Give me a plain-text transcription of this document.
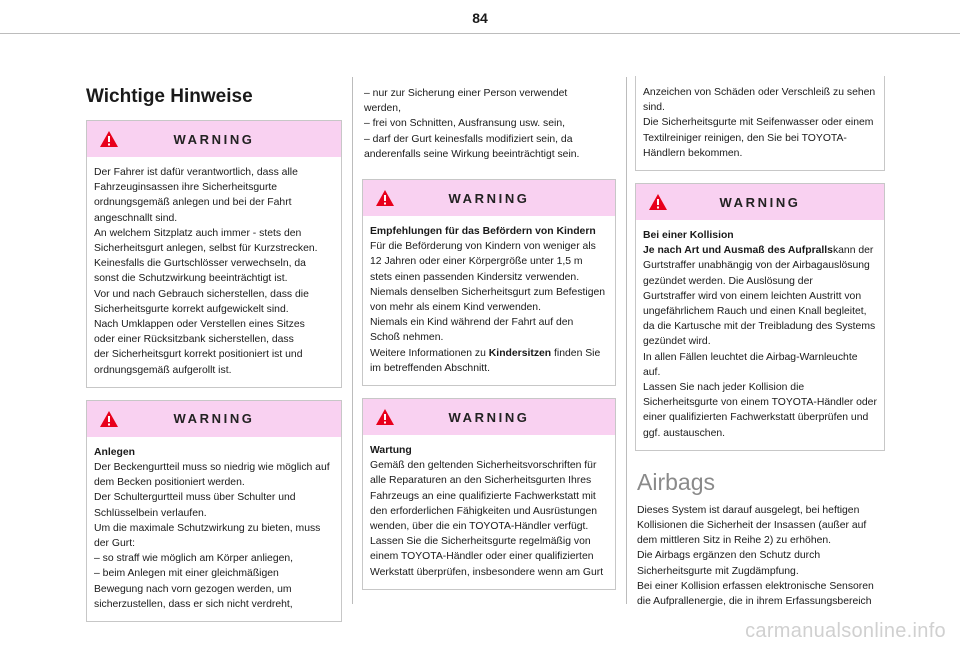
84
Wichtige Hinweise
WARNING

Der Fahrer ist dafür verantwortlich, dass alle

Fahrzeuginsassen ihre Sicherheitsgurte

ordnungsgemäß anlegen und bei der Fahrt

angeschnallt sind.

An welchem Sitzplatz auch immer - stets den

Sicherheitsgurt anlegen, selbst für Kurzstrecken.

Keinesfalls die Gurtschlösser verwechseln, da

sonst die Schutzwirkung beeinträchtigt ist.

Vor und nach Gebrauch sicherstellen, dass die

Sicherheitsgurte korrekt aufgewickelt sind.

Nach Umklappen oder Verstellen eines Sitzes

oder einer Rücksitzbank sicherstellen, dass

der Sicherheitsgurt korrekt positioniert ist und

ordnungsgemäß aufgerollt ist.

WARNING

Anlegen

Der Beckengurtteil muss so niedrig wie möglich auf

dem Becken positioniert werden.

Der Schultergurtteil muss über Schulter und

Schlüsselbein verlaufen.

Um die maximale Schutzwirkung zu bieten, muss

der Gurt:

– so straff wie möglich am Körper anliegen,

– beim Anlegen mit einer gleichmäßigen

Bewegung nach vorn gezogen werden, um

sicherzustellen, dass er sich nicht verdreht,

– nur zur Sicherung einer Person verwendet

werden,

– frei von Schnitten, Ausfransung usw. sein,

– darf der Gurt keinesfalls modifiziert sein, da

anderenfalls seine Wirkung beeinträchtigt sein.

WARNING

Empfehlungen für das Befördern von Kindern

Für die Beförderung von Kindern von weniger als

12 Jahren oder einer Körpergröße unter 1,5 m

stets einen passenden Kindersitz verwenden.

Niemals denselben Sicherheitsgurt zum Befestigen

von mehr als einem Kind verwenden.

Niemals ein Kind während der Fahrt auf den

Schoß nehmen.

Weitere Informationen zu Kindersitzen finden Sie

im betreffenden Abschnitt.

WARNING

Wartung

Gemäß den geltenden Sicherheitsvorschriften für

alle Reparaturen an den Sicherheitsgurten Ihres

Fahrzeugs an eine qualifizierte Fachwerkstatt mit

den erforderlichen Fähigkeiten und Ausrüstungen

wenden, über die ein TOYOTA-Händler verfügt.

Lassen Sie die Sicherheitsgurte regelmäßig von

einem TOYOTA-Händler oder einer qualifizierten

Werkstatt überprüfen, insbesondere wenn am Gurt

Anzeichen von Schäden oder Verschleiß zu sehen

sind.

Die Sicherheitsgurte mit Seifenwasser oder einem

Textilreiniger reinigen, den Sie bei TOYOTA-

Händlern bekommen.

WARNING

Bei einer Kollision

Je nach Art und Ausmaß des Aufprallskann der

Gurtstraffer unabhängig von der Airbagauslösung

gezündet werden. Die Auslösung der

Gurtstraffer wird von einem leichten Austritt von

ungefährlichem Rauch und einen Knall begleitet,

da die Kartusche mit der Treibladung des Systems

gezündet wird.

In allen Fällen leuchtet die Airbag-Warnleuchte auf.

Lassen Sie nach jeder Kollision die

Sicherheitsgurte von einem TOYOTA-Händler oder

einer qualifizierten Fachwerkstatt überprüfen und

ggf. austauschen.

Airbags

Dieses System ist darauf ausgelegt, bei heftigen

Kollisionen die Sicherheit der Insassen (außer auf

dem mittleren Sitz in Reihe 2) zu erhöhen.

Die Airbags ergänzen den Schutz durch

Sicherheitsgurte mit Zugdämpfung.

Bei einer Kollision erfassen elektronische Sensoren

die Aufprallenergie, die in ihrem Erfassungsbereich

carmanualsonline.info
